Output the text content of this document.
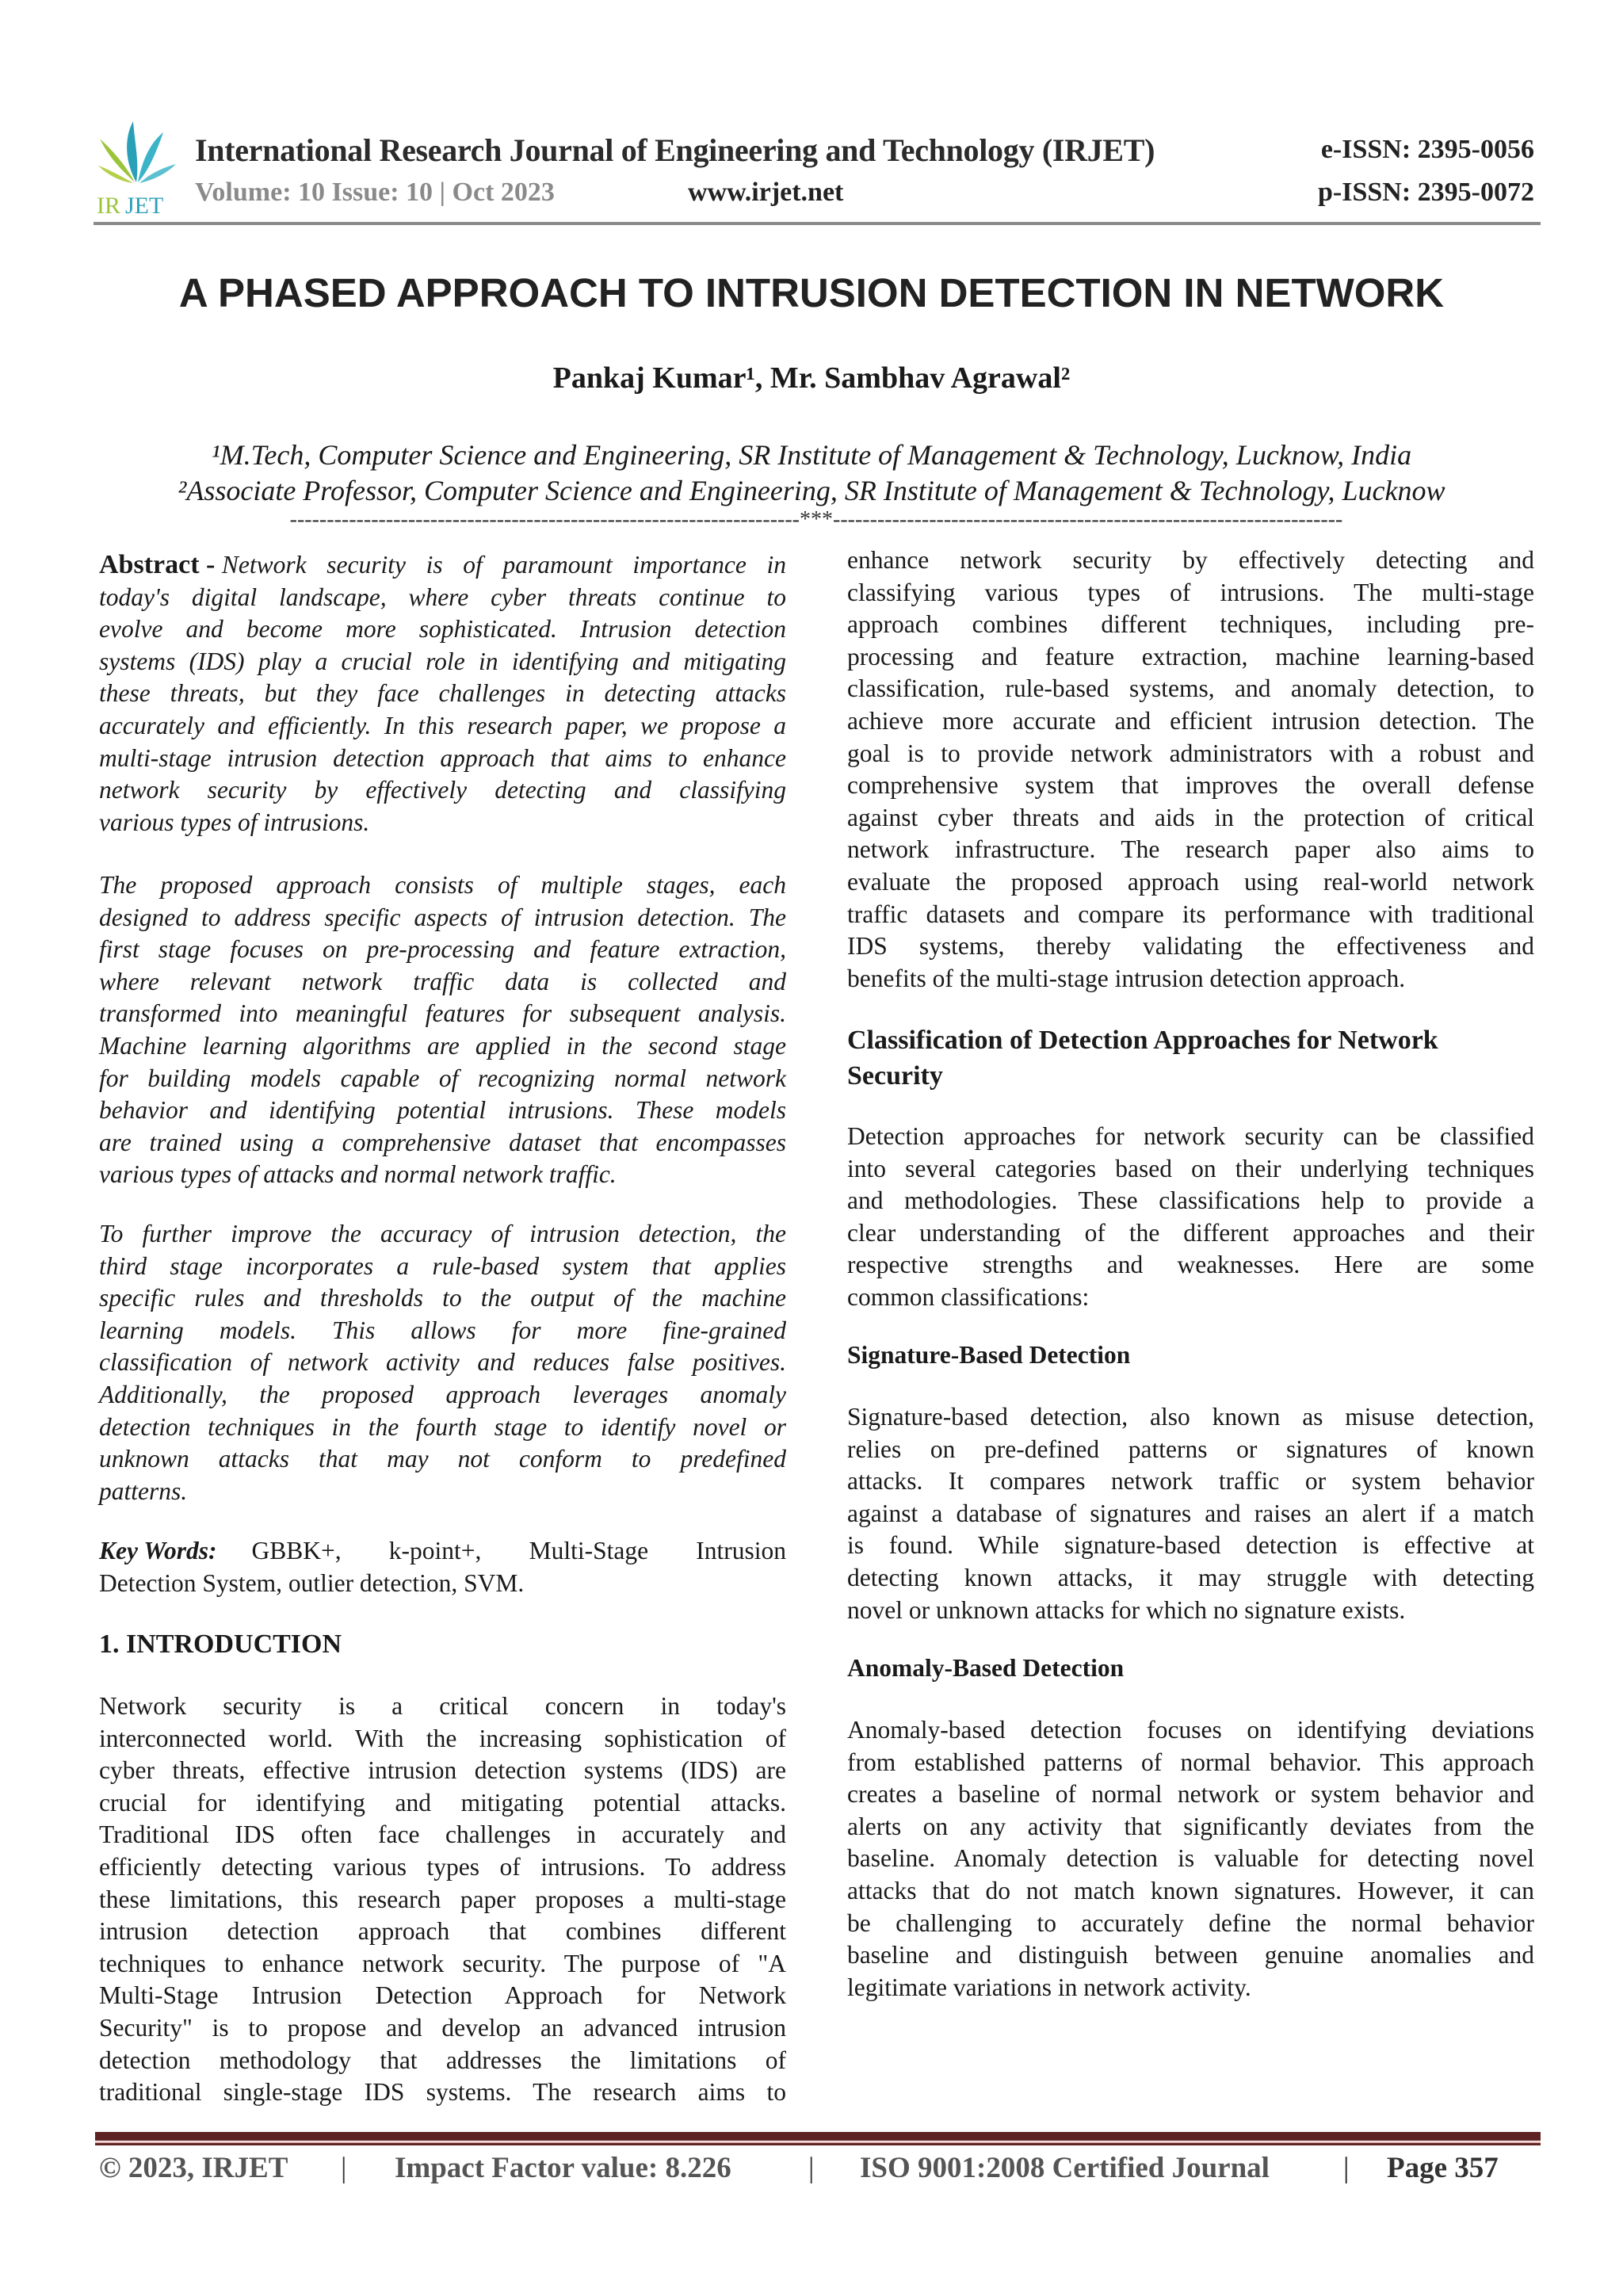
IR JET
International Research Journal of Engineering and Technology (IRJET)	e-ISSN: 2395-0056
Volume: 10 Issue: 10 | Oct 2023	www.irjet.net	p-ISSN: 2395-0072
A PHASED APPROACH TO INTRUSION DETECTION IN NETWORK
Pankaj Kumar¹, Mr. Sambhav Agrawal²
¹M.Tech, Computer Science and Engineering, SR Institute of Management & Technology, Lucknow, India
²Associate Professor, Computer Science and Engineering, SR Institute of Management & Technology, Lucknow
---------------------------------------------------------------------***---------------------------------------------------------------------
Abstract - Network security is of paramount importance in
today's digital landscape, where cyber threats continue to
evolve and become more sophisticated. Intrusion detection
systems (IDS) play a crucial role in identifying and mitigating
these threats, but they face challenges in detecting attacks
accurately and efficiently. In this research paper, we propose a
multi-stage intrusion detection approach that aims to enhance
network security by effectively detecting and classifying
various types of intrusions.
The proposed approach consists of multiple stages, each
designed to address specific aspects of intrusion detection. The
first stage focuses on pre-processing and feature extraction,
where relevant network traffic data is collected and
transformed into meaningful features for subsequent analysis.
Machine learning algorithms are applied in the second stage
for building models capable of recognizing normal network
behavior and identifying potential intrusions. These models
are trained using a comprehensive dataset that encompasses
various types of attacks and normal network traffic.
To further improve the accuracy of intrusion detection, the
third stage incorporates a rule-based system that applies
specific rules and thresholds to the output of the machine
learning models. This allows for more fine-grained
classification of network activity and reduces false positives.
Additionally, the proposed approach leverages anomaly
detection techniques in the fourth stage to identify novel or
unknown attacks that may not conform to predefined
patterns.
Key Words : GBBK+, k-point+, Multi-Stage Intrusion
Detection System, outlier detection, SVM.
1. INTRODUCTION
Network security is a critical concern in today's
interconnected world. With the increasing sophistication of
cyber threats, effective intrusion detection systems (IDS) are
crucial for identifying and mitigating potential attacks.
Traditional IDS often face challenges in accurately and
efficiently detecting various types of intrusions. To address
these limitations, this research paper proposes a multi-stage
intrusion detection approach that combines different
techniques to enhance network security. The purpose of "A
Multi-Stage Intrusion Detection Approach for Network
Security" is to propose and develop an advanced intrusion
detection methodology that addresses the limitations of
traditional single-stage IDS systems. The research aims to
enhance network security by effectively detecting and
classifying various types of intrusions. The multi-stage
approach combines different techniques, including pre-
processing and feature extraction, machine learning-based
classification, rule-based systems, and anomaly detection, to
achieve more accurate and efficient intrusion detection. The
goal is to provide network administrators with a robust and
comprehensive system that improves the overall defense
against cyber threats and aids in the protection of critical
network infrastructure. The research paper also aims to
evaluate the proposed approach using real-world network
traffic datasets and compare its performance with traditional
IDS systems, thereby validating the effectiveness and
benefits of the multi-stage intrusion detection approach.
Classification of Detection Approaches for Network
Security
Detection approaches for network security can be classified
into several categories based on their underlying techniques
and methodologies. These classifications help to provide a
clear understanding of the different approaches and their
respective strengths and weaknesses. Here are some
common classifications:
Signature-Based Detection
Signature-based detection, also known as misuse detection,
relies on pre-defined patterns or signatures of known
attacks. It compares network traffic or system behavior
against a database of signatures and raises an alert if a match
is found. While signature-based detection is effective at
detecting known attacks, it may struggle with detecting
novel or unknown attacks for which no signature exists.
Anomaly-Based Detection
Anomaly-based detection focuses on identifying deviations
from established patterns of normal behavior. This approach
creates a baseline of normal network or system behavior and
alerts on any activity that significantly deviates from the
baseline. Anomaly detection is valuable for detecting novel
attacks that do not match known signatures. However, it can
be challenging to accurately define the normal behavior
baseline and distinguish between genuine anomalies and
legitimate variations in network activity.
© 2023, IRJET | Impact Factor value: 8.226	| ISO 9001:2008 Certified Journal	| Page 357
